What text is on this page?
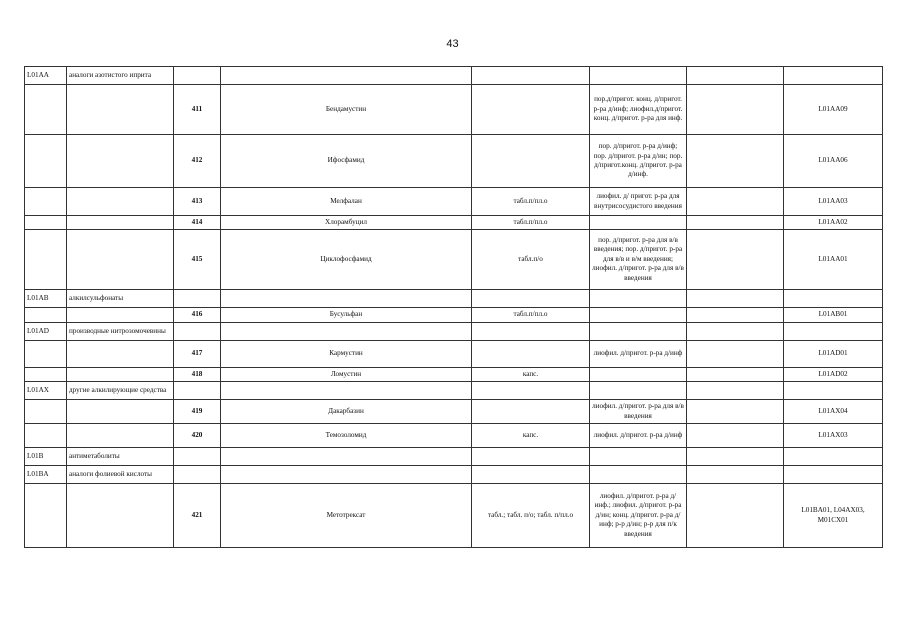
43
L01AA	аналоги азотистого иприта						
		411	Бендамустин		пор.д/пригот. конц. д/пригот. р-ра д/инф; лиофил.д/пригот. конц. д/пригот. р-ра для инф.		L01AA09
		412	Ифосфамид		пор. д/пригот. р-ра д/инф; пор. д/пригот. р-ра д/ин; пор. д/пригот.конц. д/пригот. р-ра д/инф.		L01AA06
		413	Мелфалан	табл.п/пл.о	лиофил. д/ пригот. р-ра для внутрисосудистого введения		L01AA03
		414	Хлорамбуцил	табл.п/пл.о			L01AA02
		415	Циклофосфамид	табл.п/о	пор. д/пригот. р-ра для в/в введения; пор. д/пригот. р-ра для в/в и в/м введения; лиофил. д/пригот. р-ра для в/в введения		L01AA01
L01AB	алкилсульфонаты						
		416	Бусульфан	табл.п/пл.о			L01AB01
L01AD	производные нитрозомочевины						
		417	Кармустин		лиофил. д/пригот. р-ра д/инф		L01AD01
		418	Ломустин	капс.			L01AD02
L01AX	другие алкилирующие средства						
		419	Дакарбазин		лиофил. д/пригот. р-ра для в/в введения		L01AX04
		420	Темозоломид	капс.	лиофил. д/пригот. р-ра д/инф		L01AX03
L01B	антиметаболиты						
L01BA	аналоги фолиевой кислоты						
		421	Метотрексат	табл.; табл. п/о; табл. п/пл.о	лиофил. д/пригот. р-ра д/инф.; лиофил. д/пригот. р-ра д/ин; конц. д/пригот. р-ра д/инф; р-р д/ин; р-р для п/к введения		L01BA01, L04AX03, M01CX01
